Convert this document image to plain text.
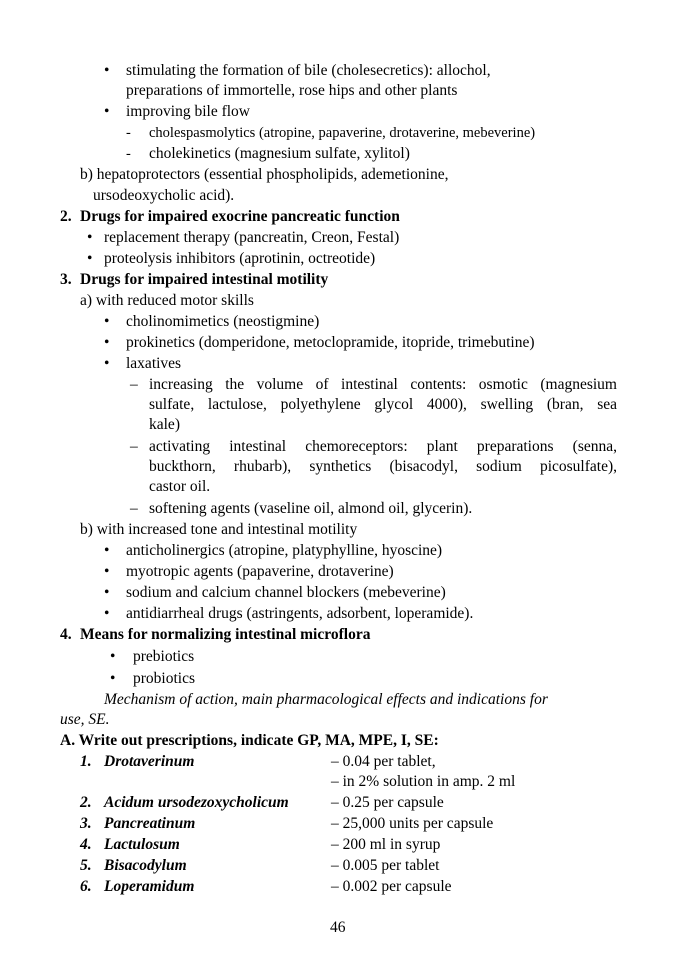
• stimulating the formation of bile (cholesecretics): allochol,
preparations of immortelle, rose hips and other plants
• improving bile flow
- cholespasmolytics (atropine, papaverine, drotaverine, mebeverine)
- cholekinetics (magnesium sulfate, xylitol)
b) hepatoprotectors (essential phospholipids, ademetionine,
ursodeoxycholic acid).
2. Drugs for impaired exocrine pancreatic function
• replacement therapy (pancreatin, Creon, Festal)
• proteolysis inhibitors (aprotinin, octreotide)
3. Drugs for impaired intestinal motility
a) with reduced motor skills
• cholinomimetics (neostigmine)
• prokinetics (domperidone, metoclopramide, itopride, trimebutine)
• laxatives
– increasing the volume of intestinal contents: osmotic (magnesium
sulfate, lactulose, polyethylene glycol 4000), swelling (bran, sea
kale)
– activating intestinal chemoreceptors: plant preparations (senna,
buckthorn, rhubarb), synthetics (bisacodyl, sodium picosulfate),
castor oil.
– softening agents (vaseline oil, almond oil, glycerin).
b) with increased tone and intestinal motility
• anticholinergics (atropine, platyphylline, hyoscine)
• myotropic agents (papaverine, drotaverine)
• sodium and calcium channel blockers (mebeverine)
• antidiarrheal drugs (astringents, adsorbent, loperamide).
4. Means for normalizing intestinal microflora
• prebiotics
• probiotics
Mechanism of action, main pharmacological effects and indications for
use, SE.
A. Write out prescriptions, indicate GP, MA, MPE, I, SE:
1. Drotaverinum	– 0.04 per tablet,
– in 2% solution in amp. 2 ml
2. Acidum ursodezoxycholicum	– 0.25 per capsule
3. Pancreatinum	– 25,000 units per capsule
4. Lactulosum	– 200 ml in syrup
5. Bisacodylum	– 0.005 per tablet
6. Loperamidum	– 0.002 per capsule
46
